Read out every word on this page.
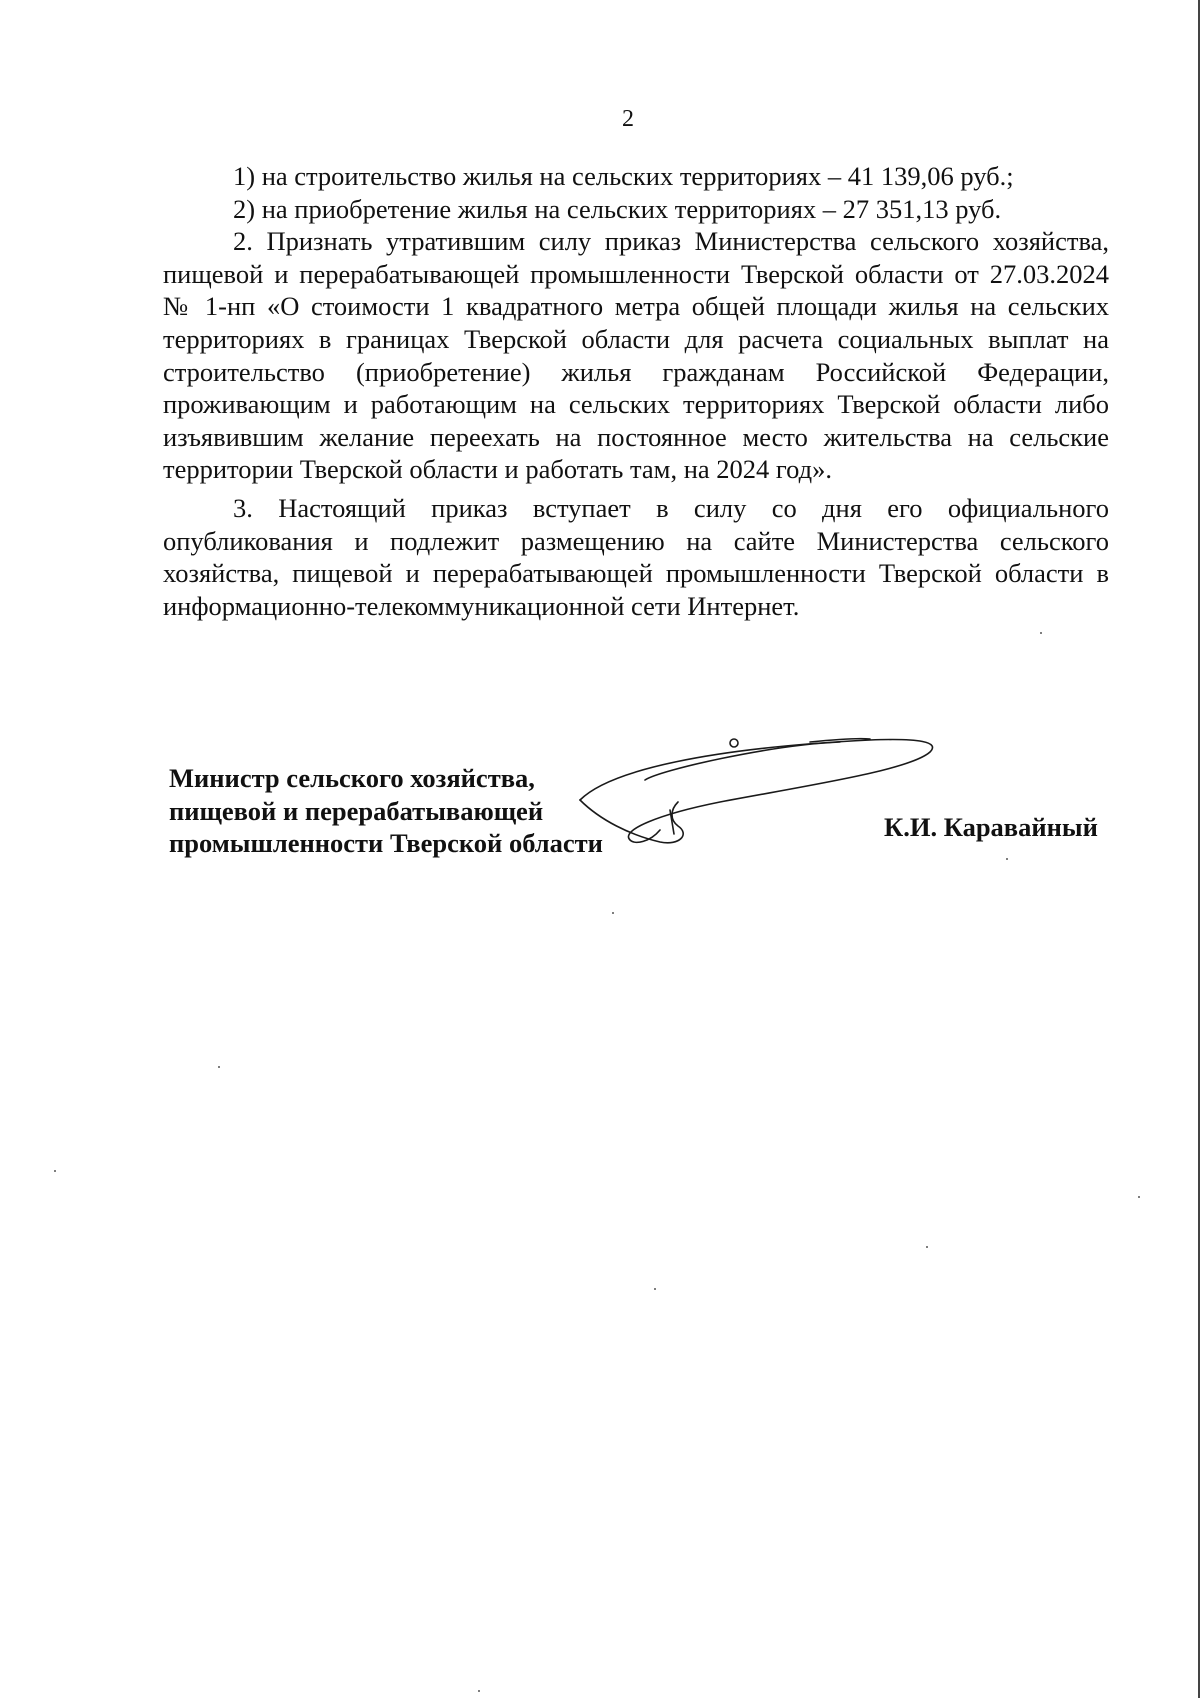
2

1) на строительство жилья на сельских территориях – 41 139,06 руб.;

2) на приобретение жилья на сельских территориях – 27 351,13 руб.

2. Признать утратившим силу приказ Министерства сельского хозяйства, пищевой и перерабатывающей промышленности Тверской области от 27.03.2024 № 1-нп «О стоимости 1 квадратного метра общей площади жилья на сельских территориях в границах Тверской области для расчета социальных выплат на строительство (приобретение) жилья гражданам Российской Федерации, проживающим и работающим на сельских территориях Тверской области либо изъявившим желание переехать на постоянное место жительства на сельские территории Тверской области и работать там, на 2024 год».

3. Настоящий приказ вступает в силу со дня его официального опубликования и подлежит размещению на сайте Министерства сельского хозяйства, пищевой и перерабатывающей промышленности Тверской области в информационно-телекоммуникационной сети Интернет.

Министр сельского хозяйства,
пищевой и перерабатывающей
промышленности Тверской области
К.И. Каравайный
